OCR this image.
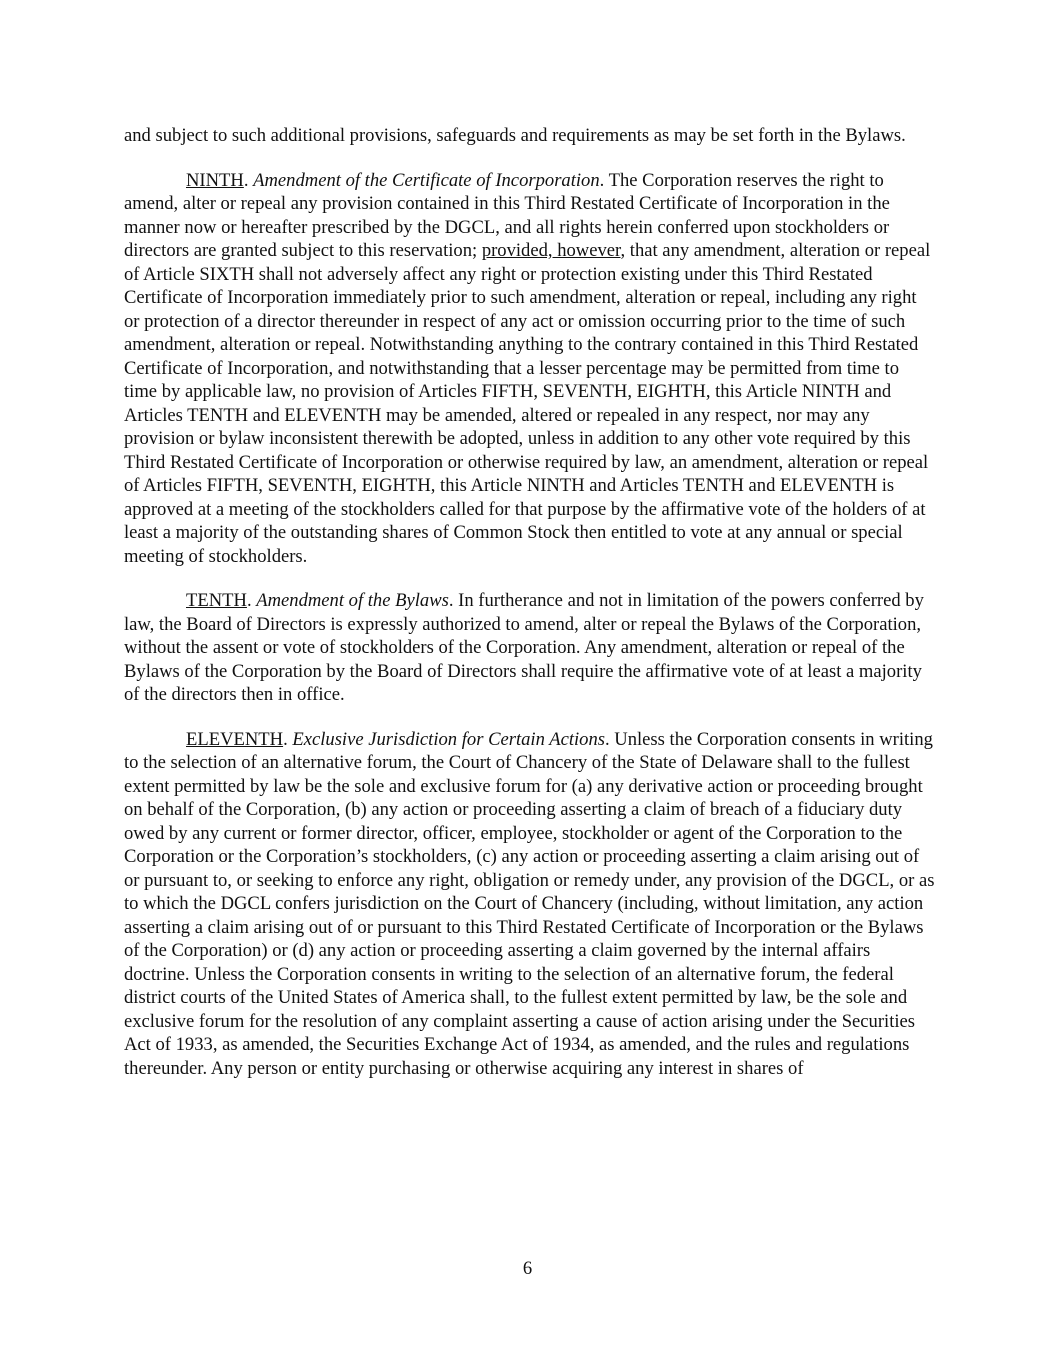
and subject to such additional provisions, safeguards and requirements as may be set forth in the Bylaws.

NINTH. Amendment of the Certificate of Incorporation. The Corporation reserves the right to amend, alter or repeal any provision contained in this Third Restated Certificate of Incorporation in the manner now or hereafter prescribed by the DGCL, and all rights herein conferred upon stockholders or directors are granted subject to this reservation; provided, however, that any amendment, alteration or repeal of Article SIXTH shall not adversely affect any right or protection existing under this Third Restated Certificate of Incorporation immediately prior to such amendment, alteration or repeal, including any right or protection of a director thereunder in respect of any act or omission occurring prior to the time of such amendment, alteration or repeal. Notwithstanding anything to the contrary contained in this Third Restated Certificate of Incorporation, and notwithstanding that a lesser percentage may be permitted from time to time by applicable law, no provision of Articles FIFTH, SEVENTH, EIGHTH, this Article NINTH and Articles TENTH and ELEVENTH may be amended, altered or repealed in any respect, nor may any provision or bylaw inconsistent therewith be adopted, unless in addition to any other vote required by this Third Restated Certificate of Incorporation or otherwise required by law, an amendment, alteration or repeal of Articles FIFTH, SEVENTH, EIGHTH, this Article NINTH and Articles TENTH and ELEVENTH is approved at a meeting of the stockholders called for that purpose by the affirmative vote of the holders of at least a majority of the outstanding shares of Common Stock then entitled to vote at any annual or special meeting of stockholders.

TENTH. Amendment of the Bylaws. In furtherance and not in limitation of the powers conferred by law, the Board of Directors is expressly authorized to amend, alter or repeal the Bylaws of the Corporation, without the assent or vote of stockholders of the Corporation. Any amendment, alteration or repeal of the Bylaws of the Corporation by the Board of Directors shall require the affirmative vote of at least a majority of the directors then in office.

ELEVENTH. Exclusive Jurisdiction for Certain Actions. Unless the Corporation consents in writing to the selection of an alternative forum, the Court of Chancery of the State of Delaware shall to the fullest extent permitted by law be the sole and exclusive forum for (a) any derivative action or proceeding brought on behalf of the Corporation, (b) any action or proceeding asserting a claim of breach of a fiduciary duty owed by any current or former director, officer, employee, stockholder or agent of the Corporation to the Corporation or the Corporation’s stockholders, (c) any action or proceeding asserting a claim arising out of or pursuant to, or seeking to enforce any right, obligation or remedy under, any provision of the DGCL, or as to which the DGCL confers jurisdiction on the Court of Chancery (including, without limitation, any action asserting a claim arising out of or pursuant to this Third Restated Certificate of Incorporation or the Bylaws of the Corporation) or (d) any action or proceeding asserting a claim governed by the internal affairs doctrine. Unless the Corporation consents in writing to the selection of an alternative forum, the federal district courts of the United States of America shall, to the fullest extent permitted by law, be the sole and exclusive forum for the resolution of any complaint asserting a cause of action arising under the Securities Act of 1933, as amended, the Securities Exchange Act of 1934, as amended, and the rules and regulations thereunder. Any person or entity purchasing or otherwise acquiring any interest in shares of

6
